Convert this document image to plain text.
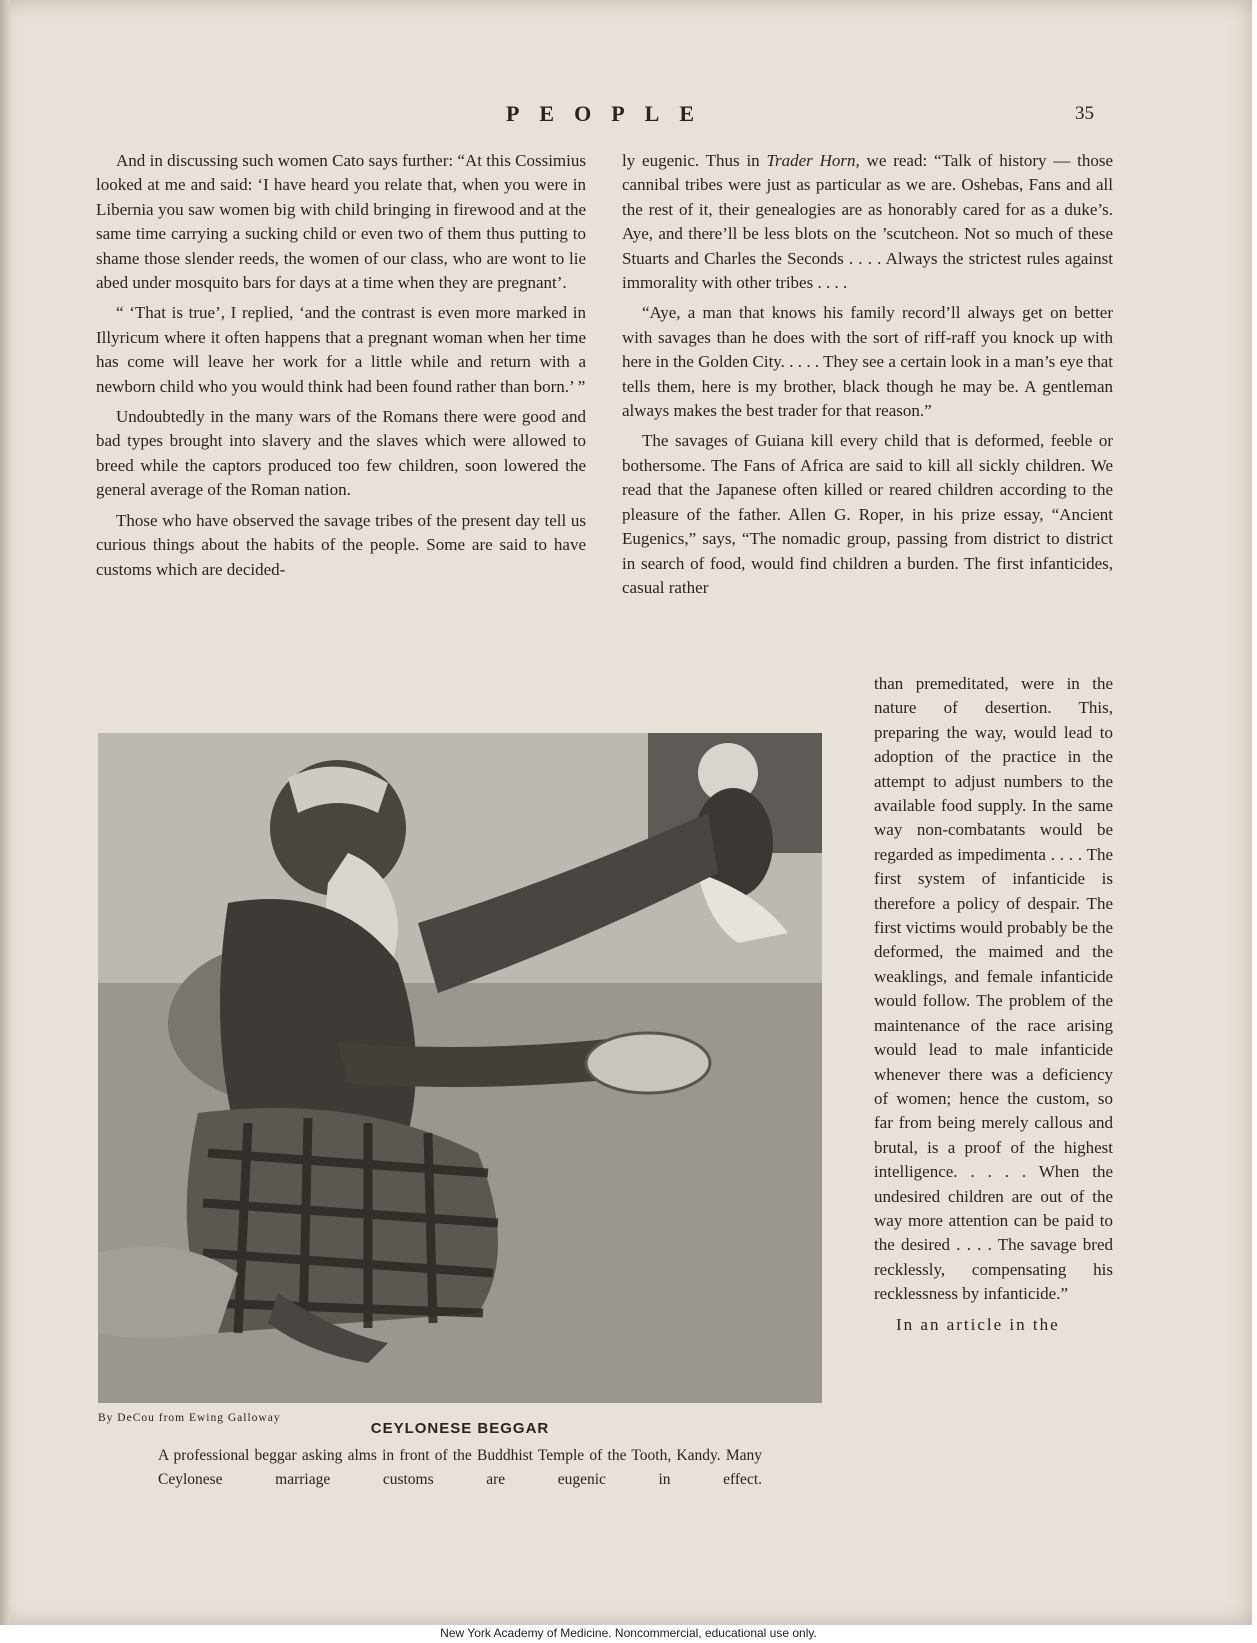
PEOPLE	35

And in discussing such women Cato says further: “At this Cossimius looked at me and said: ‘I have heard you relate that, when you were in Libernia you saw women big with child bringing in firewood and at the same time carrying a sucking child or even two of them thus putting to shame those slender reeds, the women of our class, who are wont to lie abed under mosquito bars for days at a time when they are pregnant’.

“ ‘That is true’, I replied, ‘and the contrast is even more marked in Illyricum where it often happens that a pregnant woman when her time has come will leave her work for a little while and return with a newborn child who you would think had been found rather than born.’ ”

Undoubtedly in the many wars of the Romans there were good and bad types brought into slavery and the slaves which were allowed to breed while the captors produced too few children, soon lowered the general average of the Roman nation.

Those who have observed the savage tribes of the present day tell us curious things about the habits of the people. Some are said to have customs which are decided-

ly eugenic. Thus in Trader Horn, we read: “Talk of history — those cannibal tribes were just as particular as we are. Oshebas, Fans and all the rest of it, their genealogies are as honorably cared for as a duke’s. Aye, and there’ll be less blots on the ’scutcheon. Not so much of these Stuarts and Charles the Seconds . . . . Always the strictest rules against immorality with other tribes . . . .

“Aye, a man that knows his family record’ll always get on better with savages than he does with the sort of riff-raff you knock up with here in the Golden City. . . . . They see a certain look in a man’s eye that tells them, here is my brother, black though he may be. A gentleman always makes the best trader for that reason.”

The savages of Guiana kill every child that is deformed, feeble or bothersome. The Fans of Africa are said to kill all sickly children. We read that the Japanese often killed or reared children according to the pleasure of the father. Allen G. Roper, in his prize essay, “Ancient Eugenics,” says, “The nomadic group, passing from district to district in search of food, would find children a burden. The first infanticides, casual rather

than premeditated, were in the nature of desertion. This, preparing the way, would lead to adoption of the practice in the attempt to adjust numbers to the available food supply. In the same way non-combatants would be regarded as impedimenta . . . . The first system of infanticide is therefore a policy of despair. The first victims would probably be the deformed, the maimed and the weaklings, and female infanticide would follow. The problem of the maintenance of the race arising would lead to male infanticide whenever there was a deficiency of women; hence the custom, so far from being merely callous and brutal, is a proof of the highest intelligence. . . . . When the undesired children are out of the way more attention can be paid to the desired . . . . The savage bred recklessly, compensating his recklessness by infanticide.”

In an article in the

By DeCou from Ewing Galloway
CEYLONESE BEGGAR
A professional beggar asking alms in front of the Buddhist Temple of the Tooth, Kandy. Many Ceylonese marriage customs are eugenic in effect.
New York Academy of Medicine. Noncommercial, educational use only.
